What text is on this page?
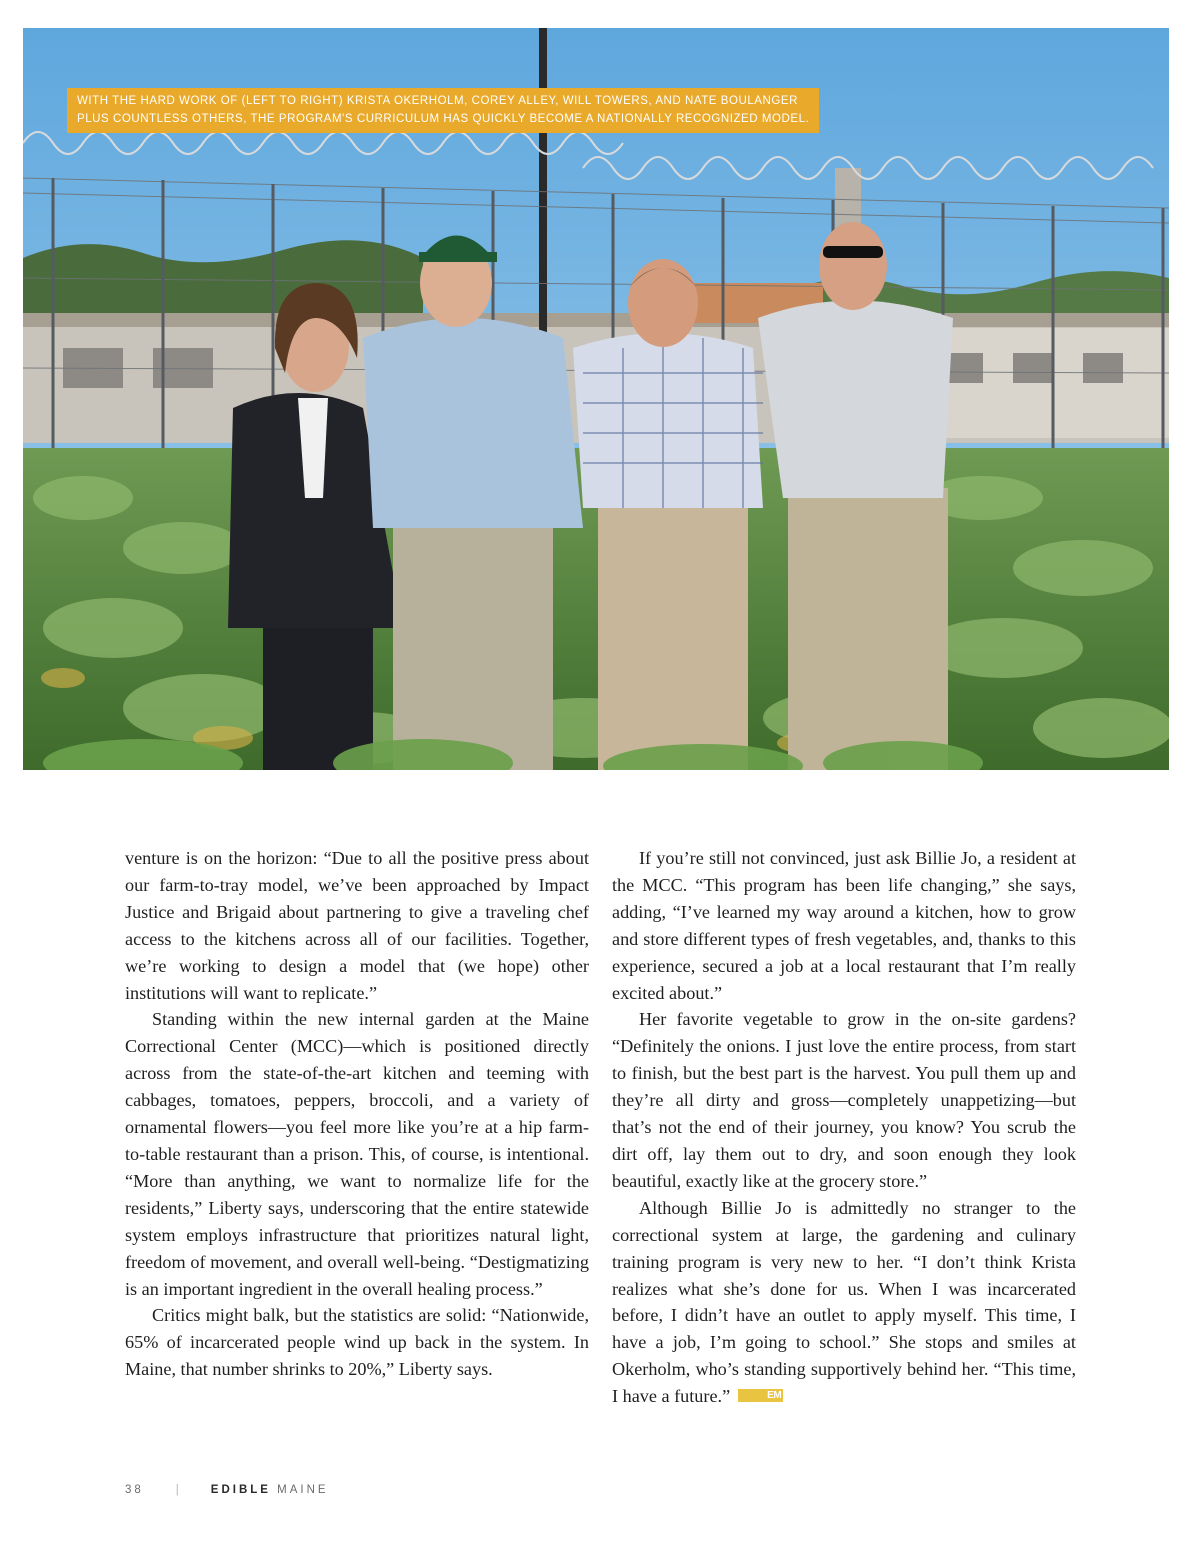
WITH THE HARD WORK OF (LEFT TO RIGHT) KRISTA OKERHOLM, COREY ALLEY, WILL TOWERS, AND NATE BOULANGER
PLUS COUNTLESS OTHERS, THE PROGRAM'S CURRICULUM HAS QUICKLY BECOME A NATIONALLY RECOGNIZED MODEL.

venture is on the horizon: “Due to all the positive press about our farm-to-tray model, we’ve been approached by Impact Justice and Brigaid about partnering to give a traveling chef access to the kitchens across all of our facilities. Together, we’re working to design a model that (we hope) other institutions will want to replicate.”

Standing within the new internal garden at the Maine Correctional Center (MCC)—which is positioned directly across from the state-of-the-art kitchen and teeming with cabbages, tomatoes, peppers, broccoli, and a variety of ornamental flowers—you feel more like you’re at a hip farm-to-table restaurant than a prison. This, of course, is intentional. “More than anything, we want to normalize life for the residents,” Liberty says, underscoring that the entire statewide system employs infrastructure that prioritizes natural light, freedom of movement, and overall well-being. “Destigmatizing is an important ingredient in the overall healing process.”

Critics might balk, but the statistics are solid: “Nationwide, 65% of incarcerated people wind up back in the system. In Maine, that number shrinks to 20%,” Liberty says.

If you’re still not convinced, just ask Billie Jo, a resident at the MCC. “This program has been life changing,” she says, adding, “I’ve learned my way around a kitchen, how to grow and store different types of fresh vegetables, and, thanks to this experience, secured a job at a local restaurant that I’m really excited about.”

Her favorite vegetable to grow in the on-site gardens? “Definitely the onions. I just love the entire process, from start to finish, but the best part is the harvest. You pull them up and they’re all dirty and gross—completely unappetizing—but that’s not the end of their journey, you know? You scrub the dirt off, lay them out to dry, and soon enough they look beautiful, exactly like at the grocery store.”

Although Billie Jo is admittedly no stranger to the correctional system at large, the gardening and culinary training program is very new to her. “I don’t think Krista realizes what she’s done for us. When I was incarcerated before, I didn’t have an outlet to apply myself. This time, I have a job, I’m going to school.” She stops and smiles at Okerholm, who’s standing supportively behind her. “This time, I have a future.”	EM

38	|	EDIBLE MAINE
